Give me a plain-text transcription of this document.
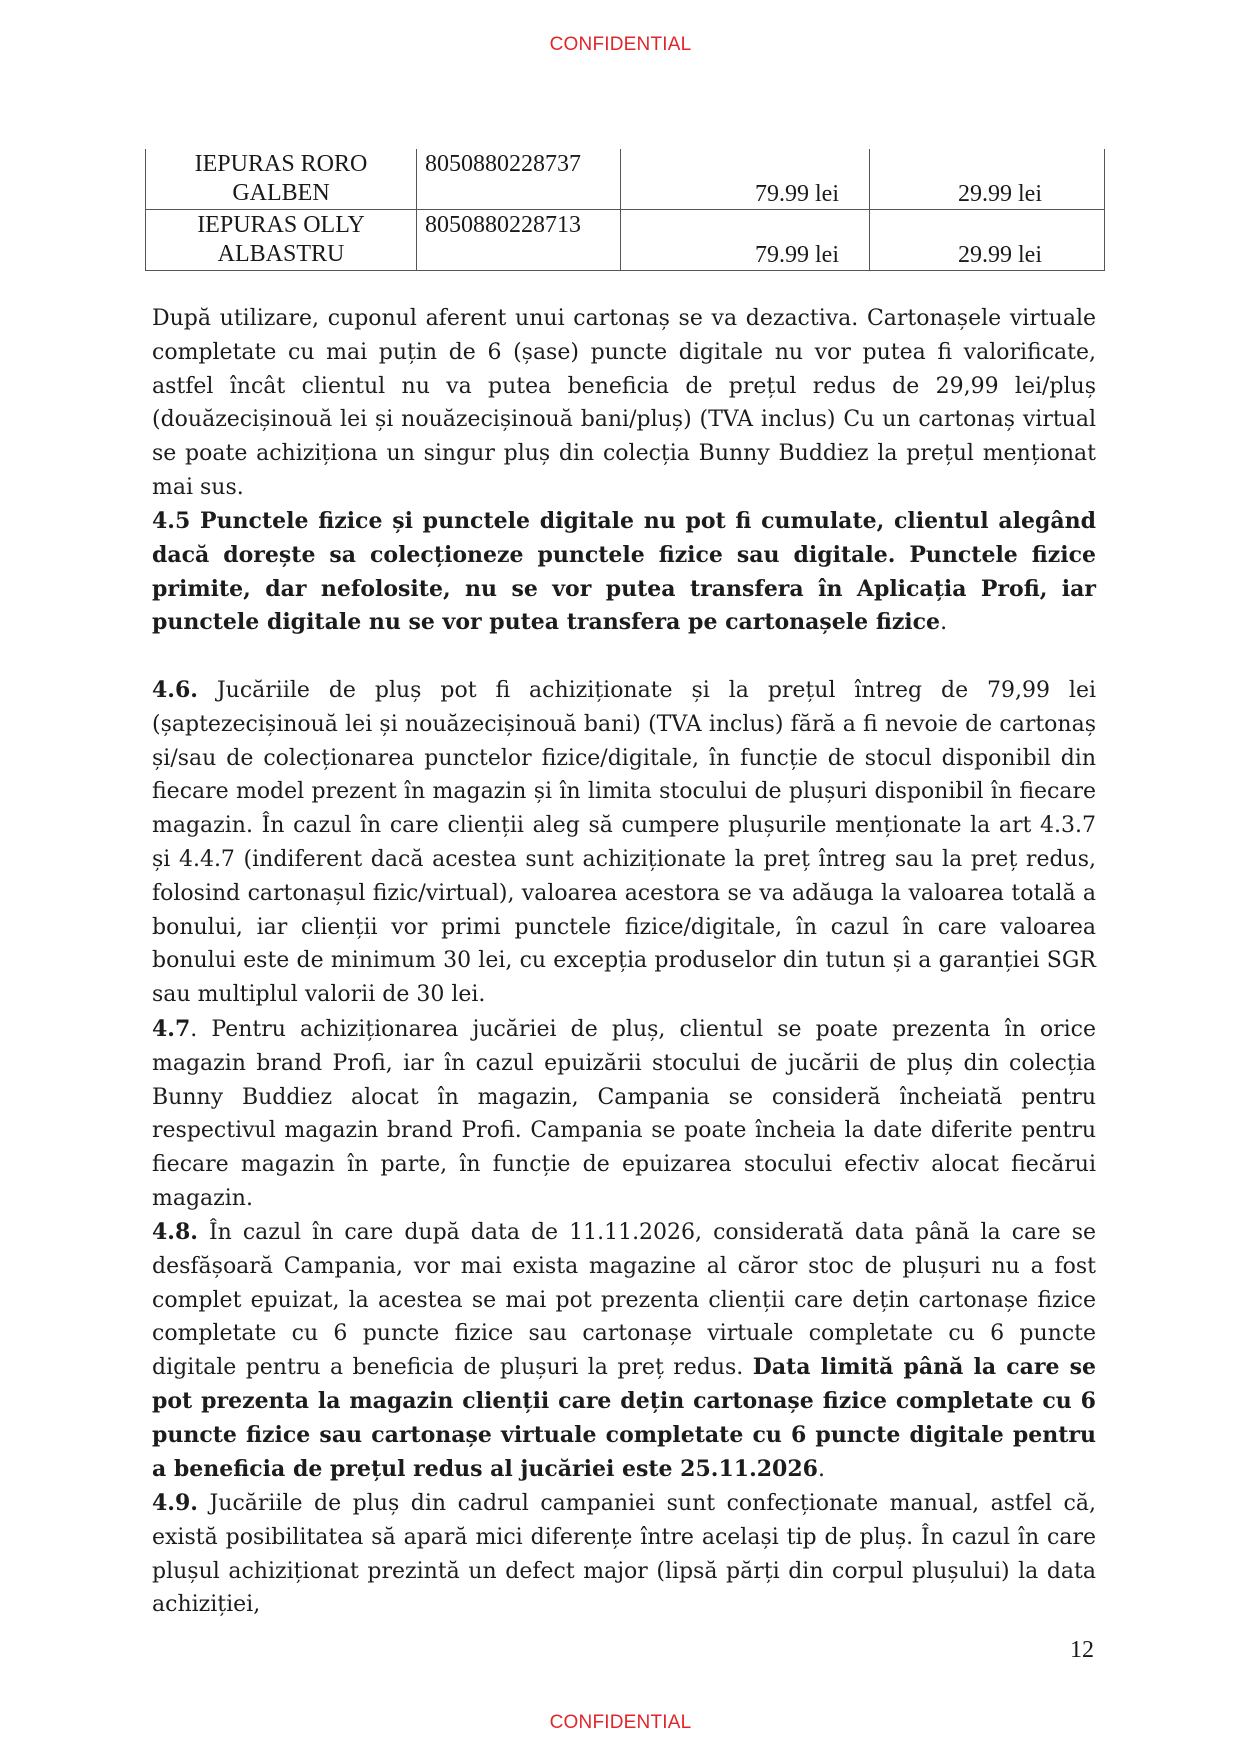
CONFIDENTIAL
IEPURAS RORO
GALBEN	8050880228737	79.99 lei	29.99 lei
IEPURAS OLLY
ALBASTRU	8050880228713	79.99 lei	29.99 lei

După utilizare, cuponul aferent unui cartonaș se va dezactiva. Cartonașele virtuale completate cu mai puțin de 6 (șase) puncte digitale nu vor putea fi valorificate, astfel încât clientul nu va putea beneficia de prețul redus de 29,99 lei/pluș (douăzecișinouă lei și nouăzecișinouă bani/pluș) (TVA inclus) Cu un cartonaș virtual se poate achiziționa un singur pluș din colecția Bunny Buddiez la prețul menționat mai sus.

4.5 Punctele fizice și punctele digitale nu pot fi cumulate, clientul alegând dacă dorește sa colecționeze punctele fizice sau digitale. Punctele fizice primite, dar nefolosite, nu se vor putea transfera în Aplicația Profi, iar punctele digitale nu se vor putea transfera pe cartonașele fizice.

4.6. Jucăriile de pluș pot fi achiziționate și la prețul întreg de 79,99 lei (șaptezecișinouă lei și nouăzecișinouă bani) (TVA inclus) fără a fi nevoie de cartonaș și/sau de colecționarea punctelor fizice/digitale, în funcție de stocul disponibil din fiecare model prezent în magazin și în limita stocului de plușuri disponibil în fiecare magazin. În cazul în care clienții aleg să cumpere plușurile menționate la art 4.3.7 și 4.4.7 (indiferent dacă acestea sunt achiziționate la preț întreg sau la preț redus, folosind cartonașul fizic/virtual), valoarea acestora se va adăuga la valoarea totală a bonului, iar clienții vor primi punctele fizice/digitale, în cazul în care valoarea bonului este de minimum 30 lei, cu excepția produselor din tutun și a garanției SGR sau multiplul valorii de 30 lei.

4.7. Pentru achiziționarea jucăriei de pluș, clientul se poate prezenta în orice magazin brand Profi, iar în cazul epuizării stocului de jucării de pluș din colecția Bunny Buddiez alocat în magazin, Campania se consideră încheiată pentru respectivul magazin brand Profi. Campania se poate încheia la date diferite pentru fiecare magazin în parte, în funcție de epuizarea stocului efectiv alocat fiecărui magazin.

4.8. În cazul în care după data de 11.11.2026, considerată data până la care se desfășoară Campania, vor mai exista magazine al căror stoc de plușuri nu a fost complet epuizat, la acestea se mai pot prezenta clienții care dețin cartonașe fizice completate cu 6 puncte fizice sau cartonașe virtuale completate cu 6 puncte digitale pentru a beneficia de plușuri la preț redus. Data limită până la care se pot prezenta la magazin clienții care dețin cartonașe fizice completate cu 6 puncte fizice sau cartonașe virtuale completate cu 6 puncte digitale pentru a beneficia de prețul redus al jucăriei este 25.11.2026.

4.9. Jucăriile de pluș din cadrul campaniei sunt confecționate manual, astfel că, există posibilitatea să apară mici diferențe între același tip de pluș. În cazul în care plușul achiziționat prezintă un defect major (lipsă părți din corpul plușului) la data achiziției,

12
CONFIDENTIAL
